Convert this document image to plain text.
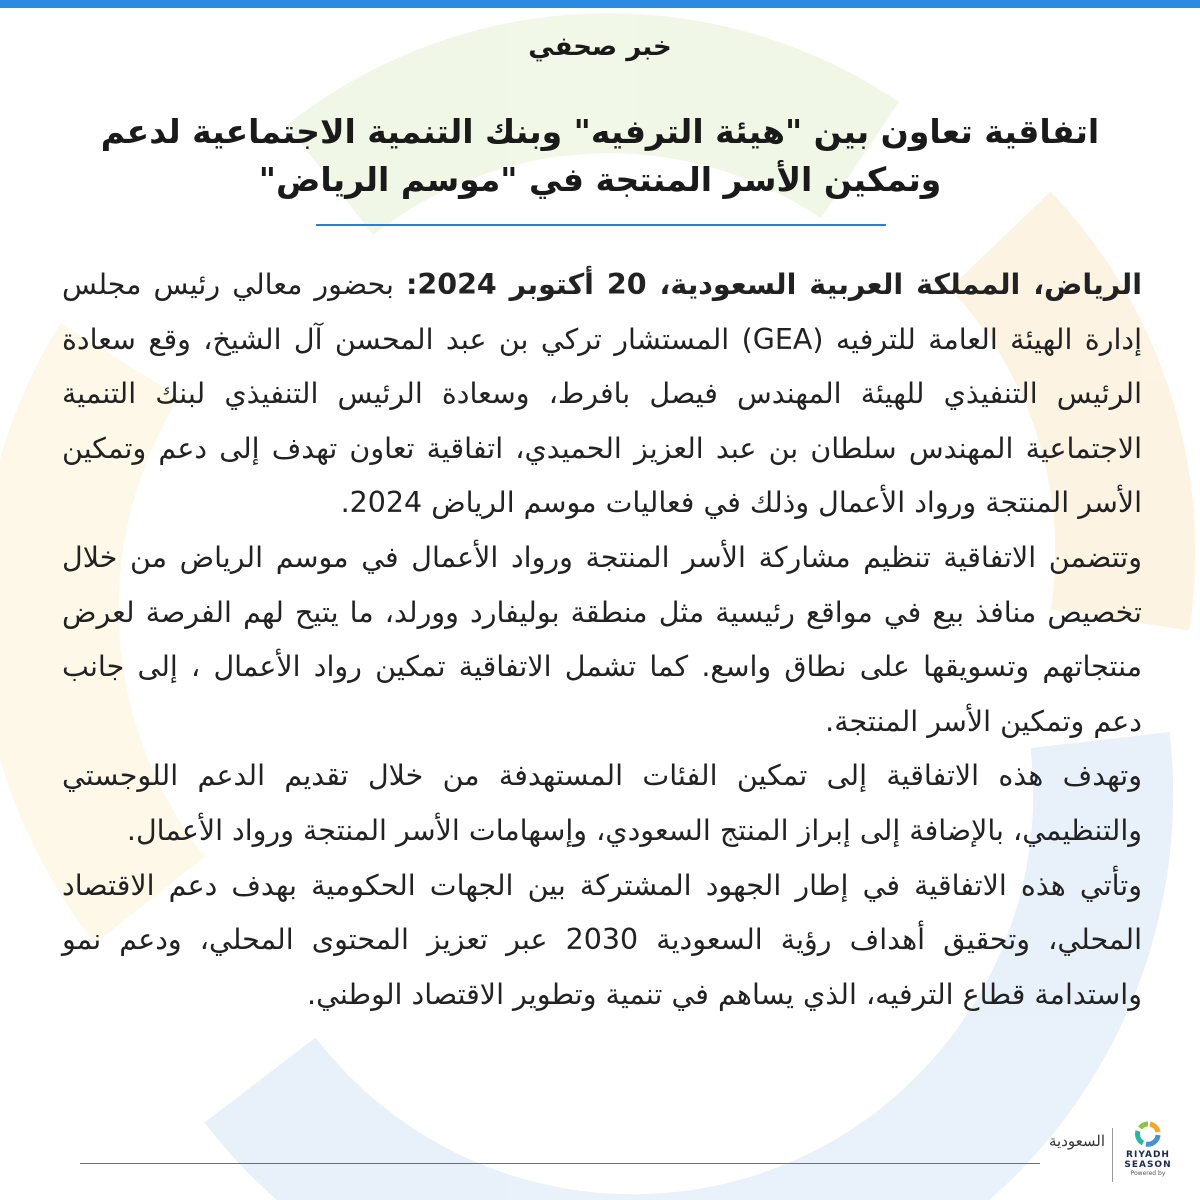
خبر صحفي
اتفاقية تعاون بين "هيئة الترفيه" وبنك التنمية الاجتماعية لدعم وتمكين الأسر المنتجة في "موسم الرياض"

الرياض، المملكة العربية السعودية، 20 أكتوبر 2024: بحضور معالي رئيس مجلس إدارة الهيئة العامة للترفيه (GEA) المستشار تركي بن عبد المحسن آل الشيخ، وقع سعادة الرئيس التنفيذي للهيئة المهندس فيصل بافرط، وسعادة الرئيس التنفيذي لبنك التنمية الاجتماعية المهندس سلطان بن عبد العزيز الحميدي، اتفاقية تعاون تهدف إلى دعم وتمكين الأسر المنتجة ورواد الأعمال وذلك في فعاليات موسم الرياض 2024.

وتتضمن الاتفاقية تنظيم مشاركة الأسر المنتجة ورواد الأعمال في موسم الرياض من خلال تخصيص منافذ بيع في مواقع رئيسية مثل منطقة بوليفارد وورلد، ما يتيح لهم الفرصة لعرض منتجاتهم وتسويقها على نطاق واسع. كما تشمل الاتفاقية تمكين رواد الأعمال ، إلى جانب دعم وتمكين الأسر المنتجة.

وتهدف هذه الاتفاقية إلى تمكين الفئات المستهدفة من خلال تقديم الدعم اللوجستي والتنظيمي، بالإضافة إلى إبراز المنتج السعودي، وإسهامات الأسر المنتجة ورواد الأعمال.

وتأتي هذه الاتفاقية في إطار الجهود المشتركة بين الجهات الحكومية بهدف دعم الاقتصاد المحلي، وتحقيق أهداف رؤية السعودية 2030 عبر تعزيز المحتوى المحلي، ودعم نمو واستدامة قطاع الترفيه، الذي يساهم في تنمية وتطوير الاقتصاد الوطني.

السعودية
RIYADH
SEASON
Powered by
